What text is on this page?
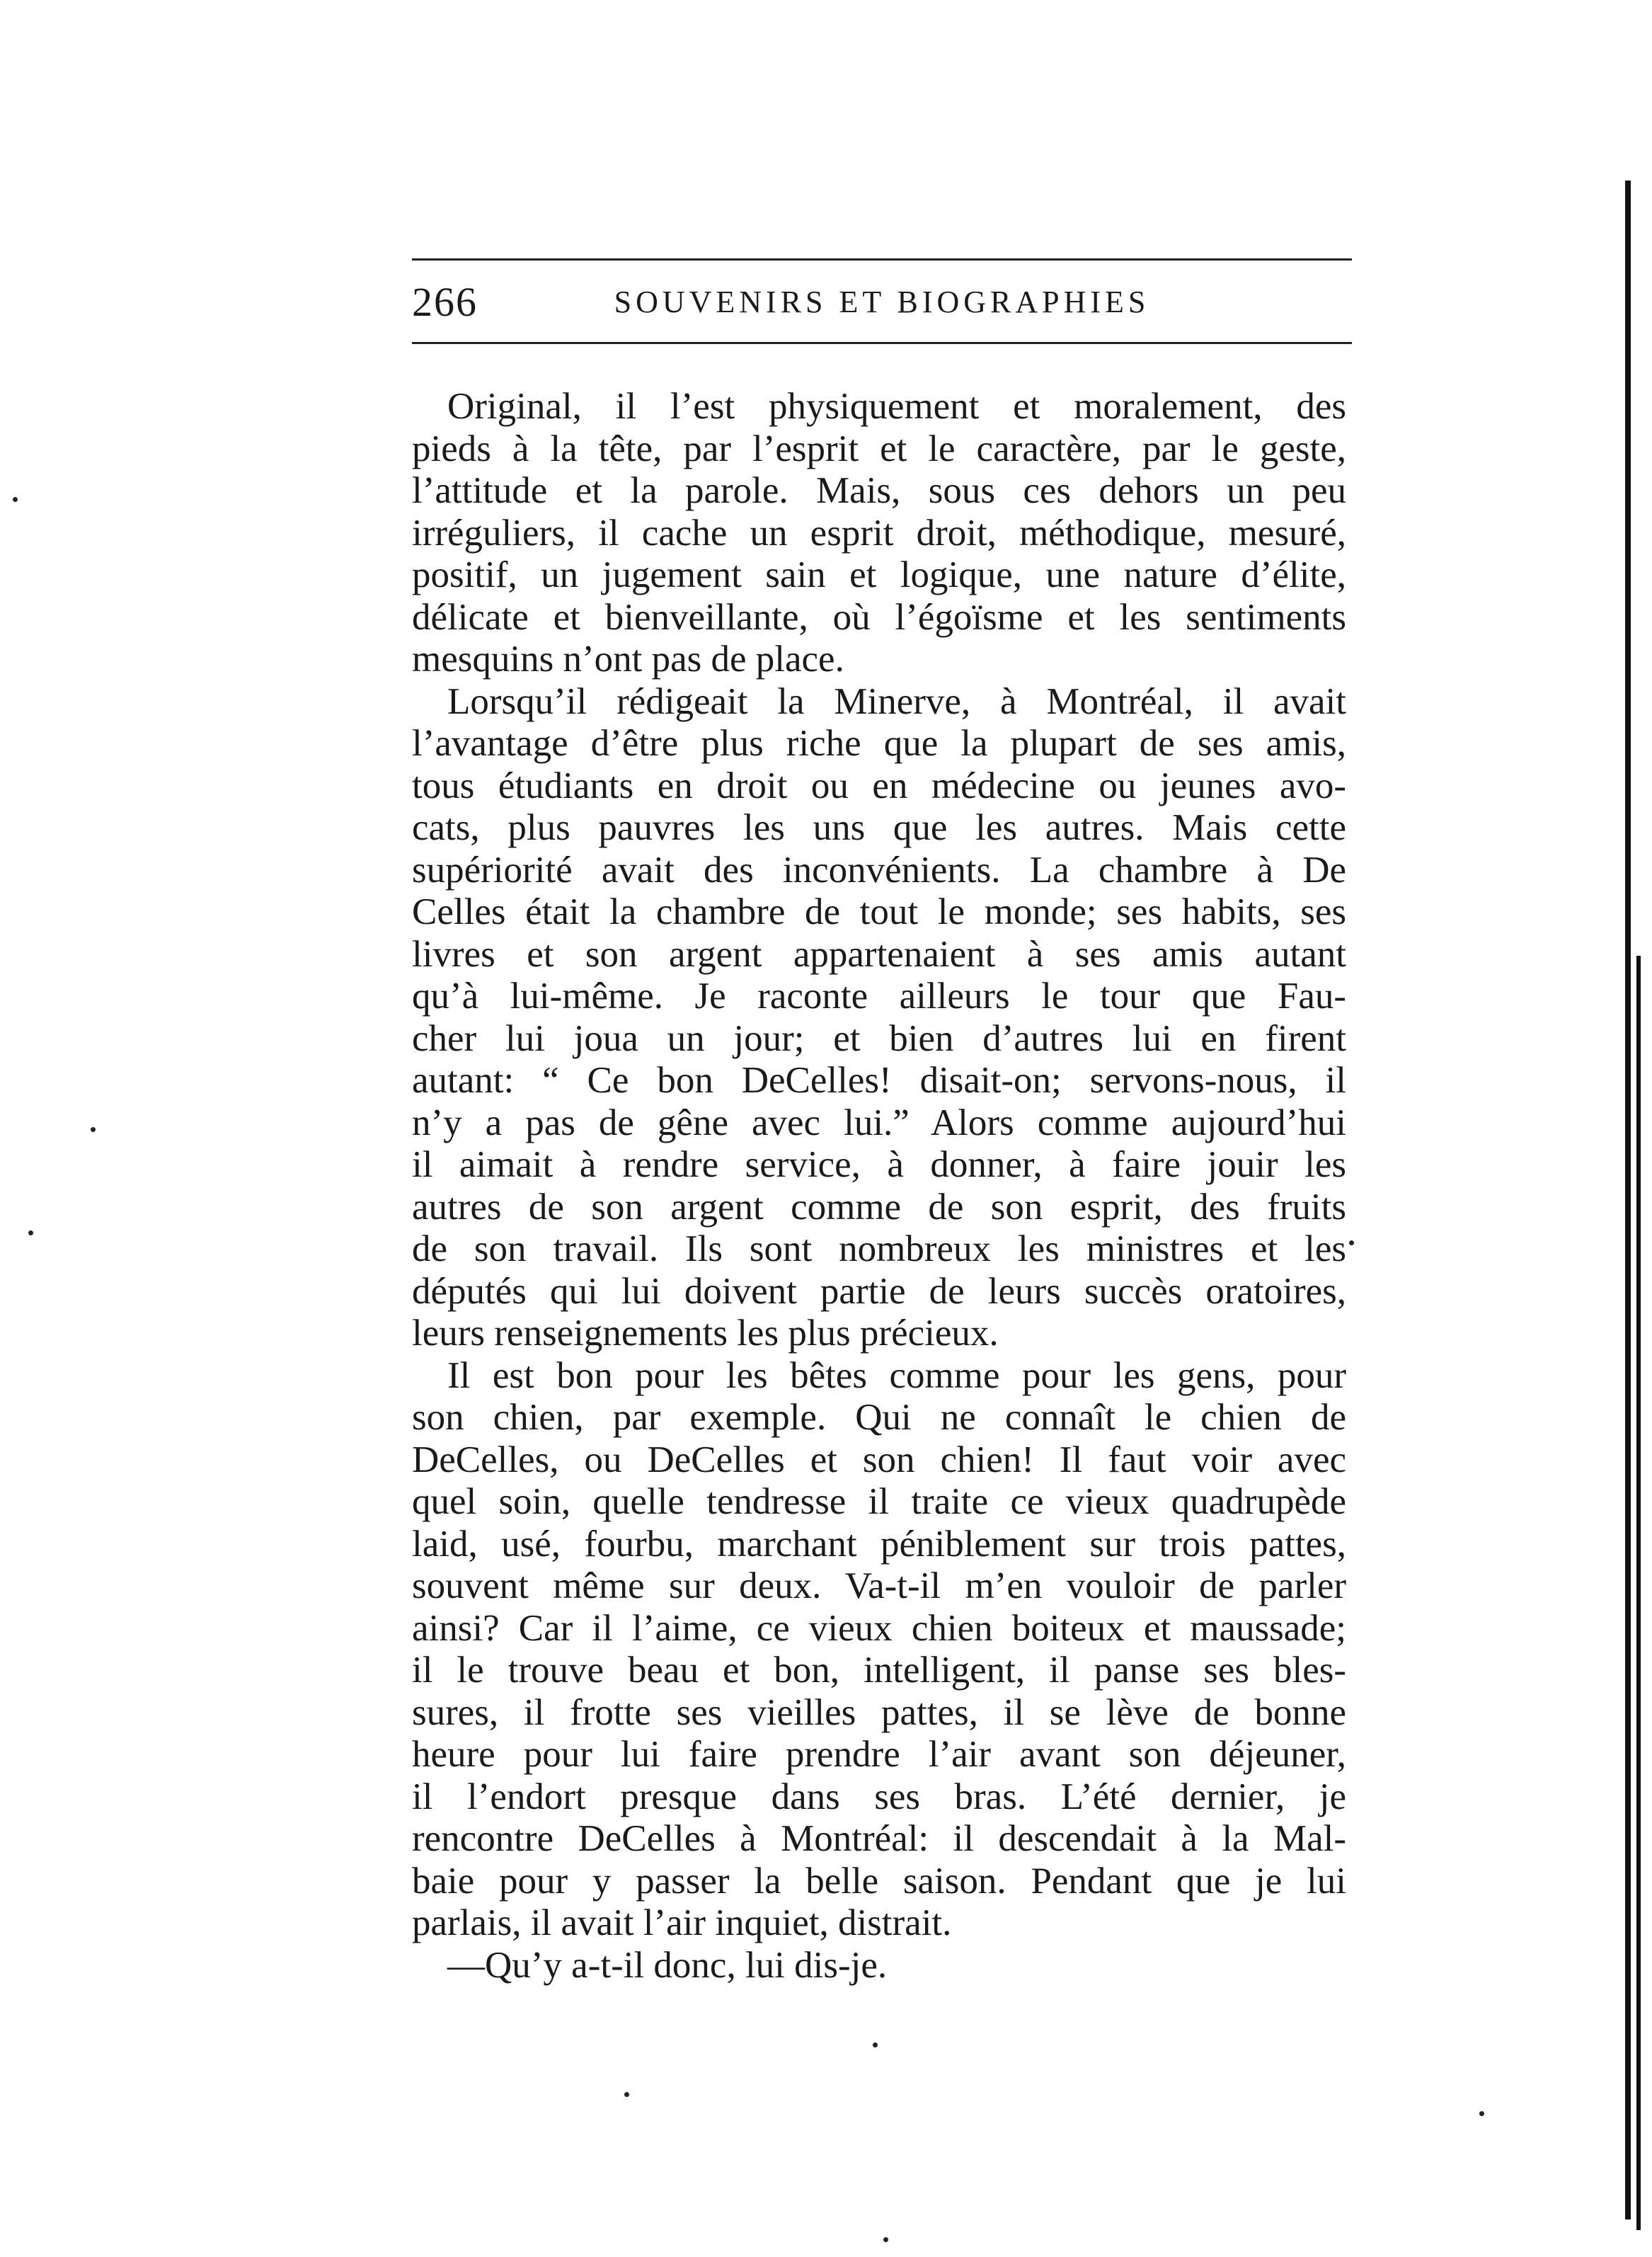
266	SOUVENIRS ET BIOGRAPHIES
Original, il l’est physiquement et moralement, des
pieds à la tête, par l’esprit et le caractère, par le geste,
l’attitude et la parole. Mais, sous ces dehors un peu
irréguliers, il cache un esprit droit, méthodique, mesuré,
positif, un jugement sain et logique, une nature d’élite,
délicate et bienveillante, où l’égoïsme et les sentiments
mesquins n’ont pas de place.
Lorsqu’il rédigeait la Minerve, à Montréal, il avait
l’avantage d’être plus riche que la plupart de ses amis,
tous étudiants en droit ou en médecine ou jeunes avo-
cats, plus pauvres les uns que les autres. Mais cette
supériorité avait des inconvénients. La chambre à De
Celles était la chambre de tout le monde; ses habits, ses
livres et son argent appartenaient à ses amis autant
qu’à lui-même. Je raconte ailleurs le tour que Fau-
cher lui joua un jour; et bien d’autres lui en firent
autant: “ Ce bon DeCelles! disait-on; servons-nous, il
n’y a pas de gêne avec lui.” Alors comme aujourd’hui
il aimait à rendre service, à donner, à faire jouir les
autres de son argent comme de son esprit, des fruits
de son travail. Ils sont nombreux les ministres et les
députés qui lui doivent partie de leurs succès oratoires,
leurs renseignements les plus précieux.
Il est bon pour les bêtes comme pour les gens, pour
son chien, par exemple. Qui ne connaît le chien de
DeCelles, ou DeCelles et son chien! Il faut voir avec
quel soin, quelle tendresse il traite ce vieux quadrupède
laid, usé, fourbu, marchant péniblement sur trois pattes,
souvent même sur deux. Va-t-il m’en vouloir de parler
ainsi? Car il l’aime, ce vieux chien boiteux et maussade;
il le trouve beau et bon, intelligent, il panse ses bles-
sures, il frotte ses vieilles pattes, il se lève de bonne
heure pour lui faire prendre l’air avant son déjeuner,
il l’endort presque dans ses bras. L’été dernier, je
rencontre DeCelles à Montréal: il descendait à la Mal-
baie pour y passer la belle saison. Pendant que je lui
parlais, il avait l’air inquiet, distrait.
—Qu’y a-t-il donc, lui dis-je.
